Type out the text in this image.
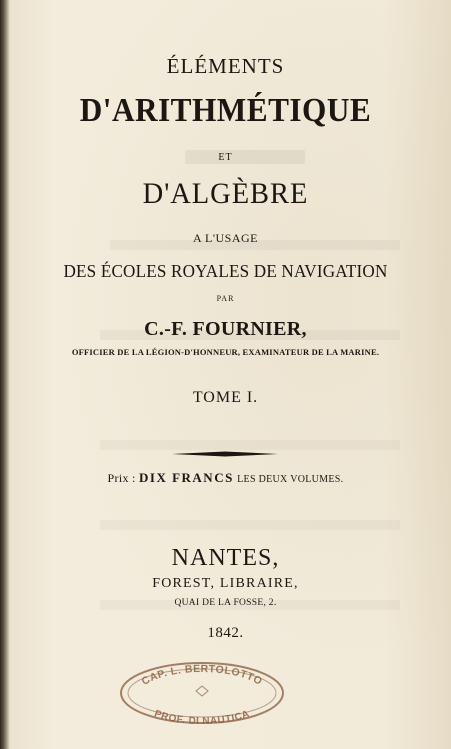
ÉLÉMENTS
D'ARITHMÉTIQUE
ET
D'ALGÈBRE
A L'USAGE
DES ÉCOLES ROYALES DE NAVIGATION
PAR
C.-F. FOURNIER,
OFFICIER DE LA LÉGION-D'HONNEUR, EXAMINATEUR DE LA MARINE.
TOME I.
Prix : DIX FRANCS LES DEUX VOLUMES.
NANTES,
FOREST, LIBRAIRE,
QUAI DE LA FOSSE, 2.
1842.
CAP. L. BERTOLOTTO
PROF. DI NAUTICA
